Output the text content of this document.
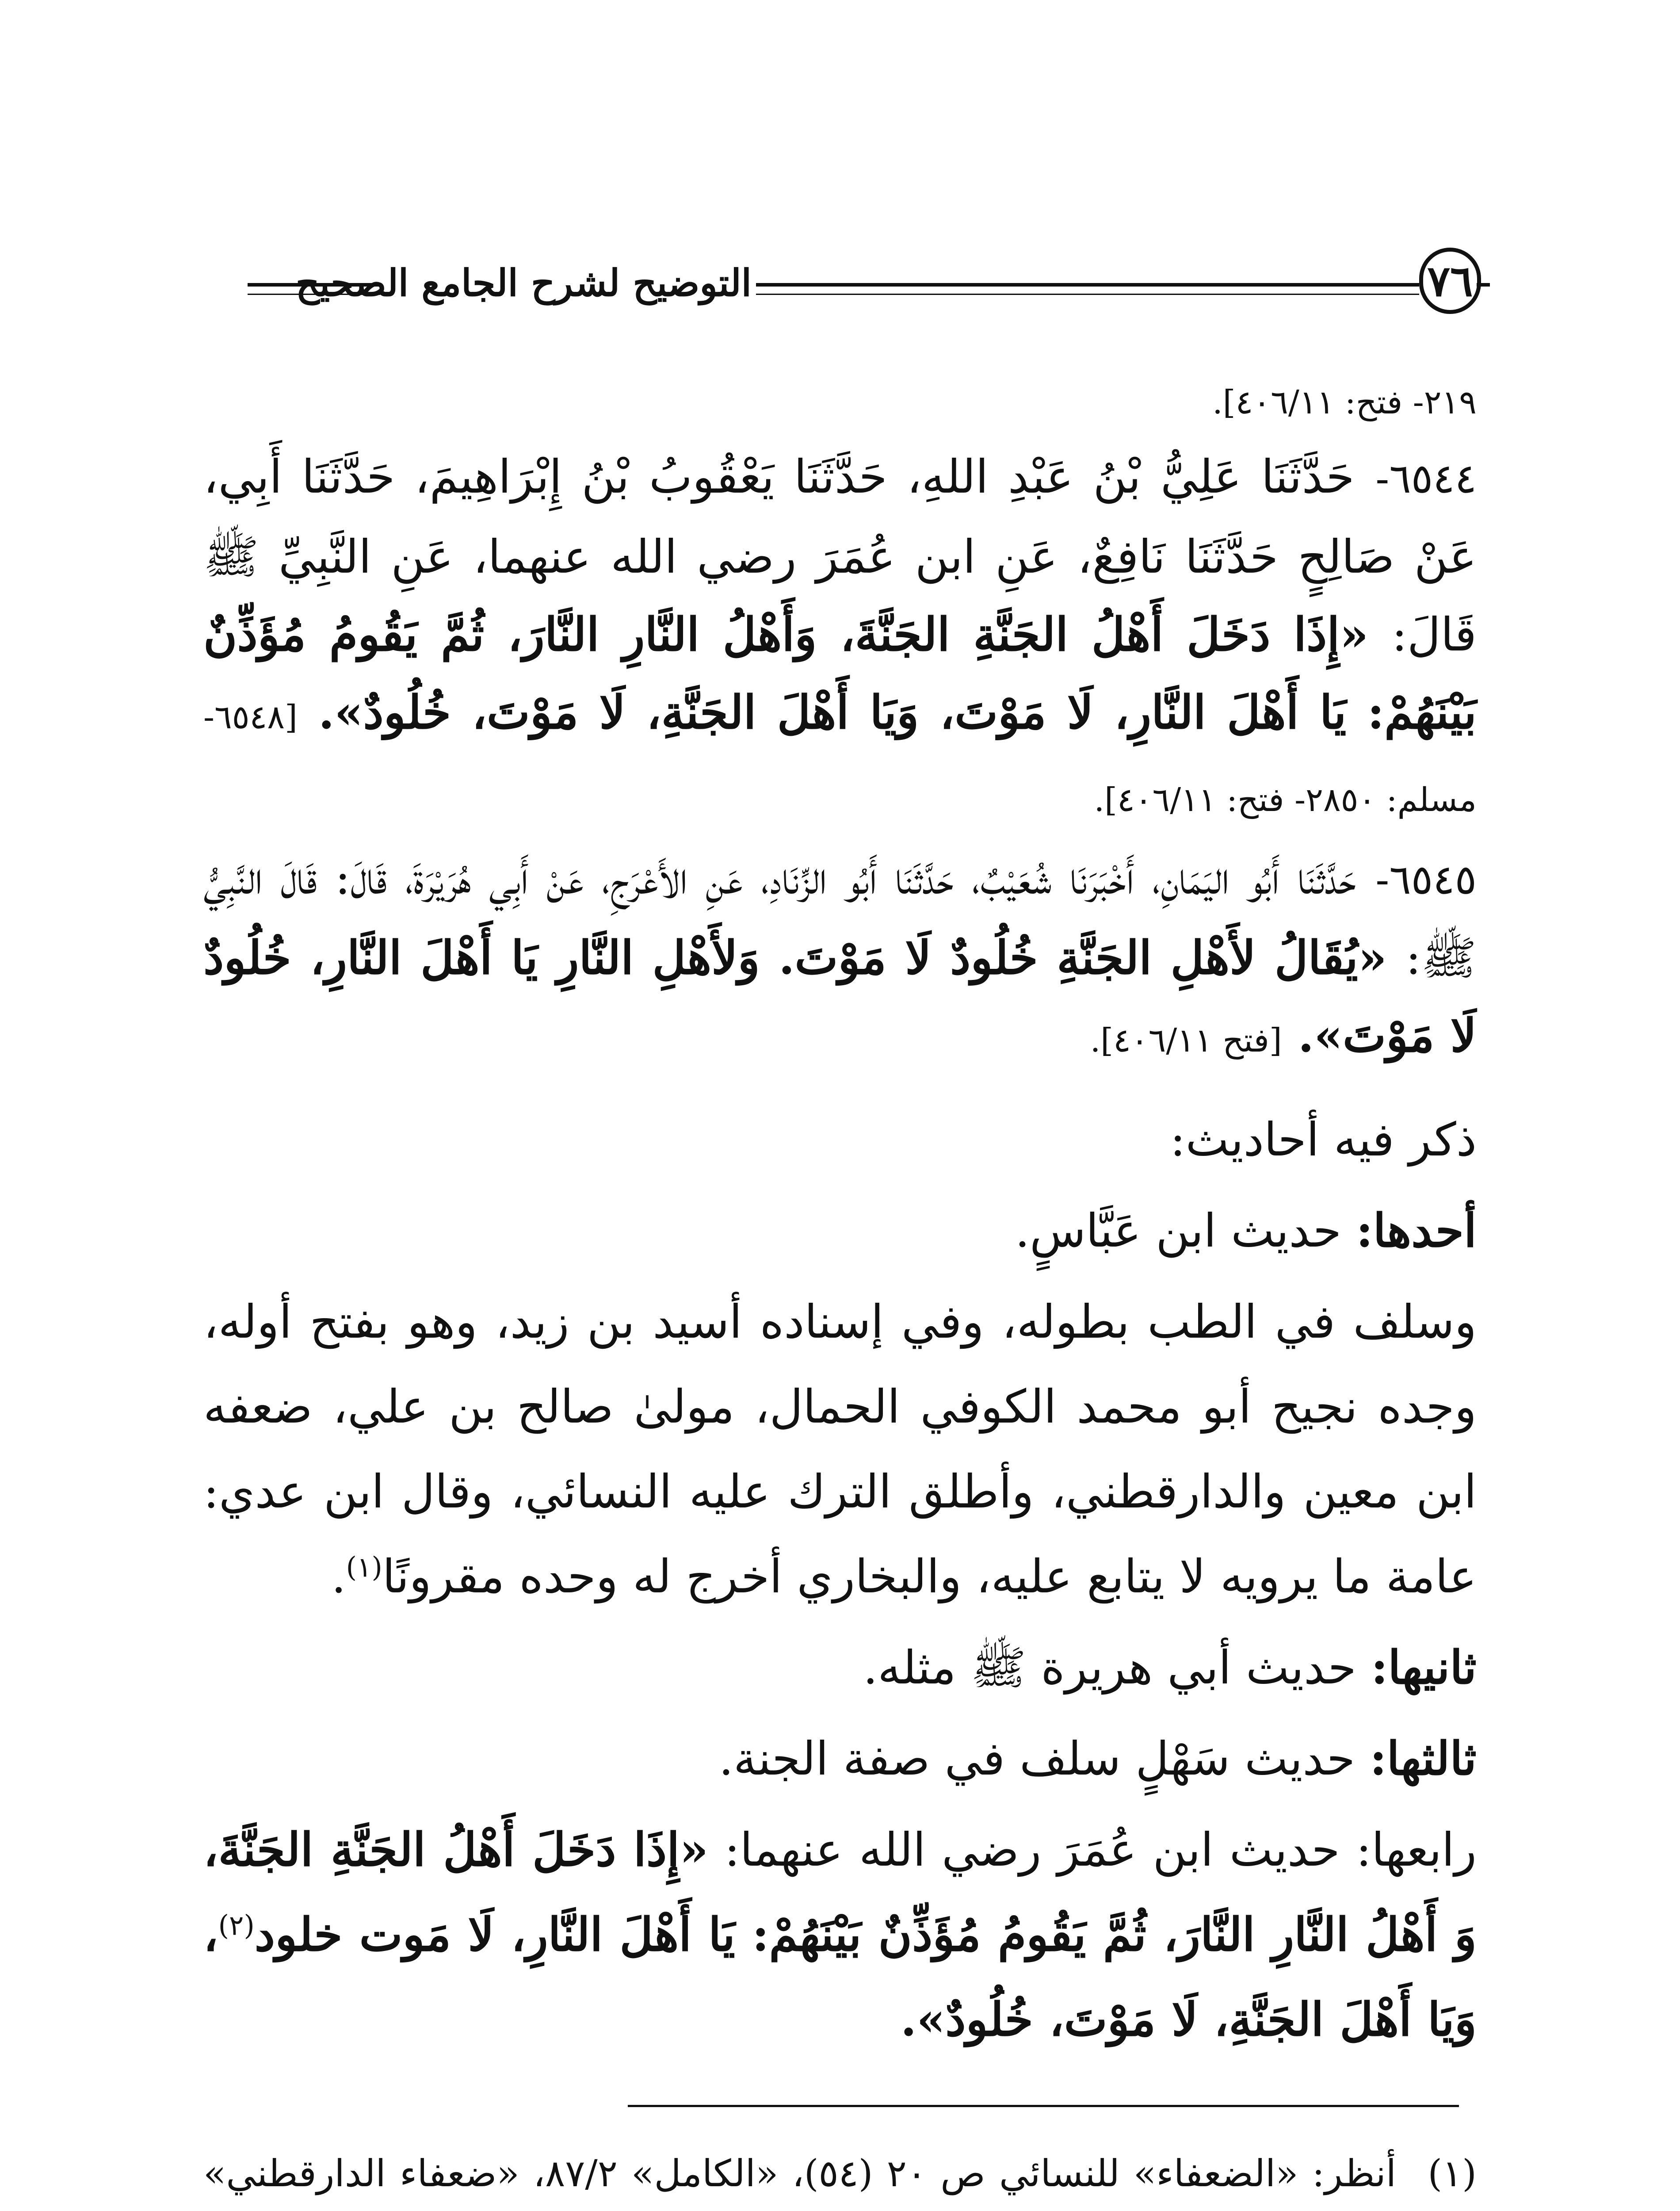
التوضيح لشرح الجامع الصحيح	٧٦
٢١٩- فتح: ٤٠٦/١١].
٦٥٤٤- حَدَّثَنَا عَلِيُّ بْنُ عَبْدِ اللهِ، حَدَّثَنَا يَعْقُوبُ بْنُ إِبْرَاهِيمَ، حَدَّثَنَا أَبِي، عَنْ صَالِحٍ حَدَّثَنَا نَافِعٌ، عَنِ ابن عُمَرَ رضي الله عنهما، عَنِ النَّبِيِّ ﷺ قَالَ: «إِذَا دَخَلَ أَهْلُ الجَنَّةِ الجَنَّةَ، وَأَهْلُ النَّارِ النَّارَ، ثُمَّ يَقُومُ مُؤَذِّنٌ بَيْنَهُمْ: يَا أَهْلَ النَّارِ، لَا مَوْتَ، وَيَا أَهْلَ الجَنَّةِ، لَا مَوْتَ، خُلُودٌ». [٦٥٤٨- مسلم: ٢٨٥٠- فتح: ٤٠٦/١١].
٦٥٤٥- حَدَّثَنَا أَبُو اليَمَانِ، أَخْبَرَنَا شُعَيْبٌ، حَدَّثَنَا أَبُو الزِّنَادِ، عَنِ الأَعْرَجِ، عَنْ أَبِي هُرَيْرَةَ، قَالَ: قَالَ النَّبِيُّ ﷺ: «يُقَالُ لأَهْلِ الجَنَّةِ خُلُودٌ لَا مَوْتَ. وَلأَهْلِ النَّارِ يَا أَهْلَ النَّارِ، خُلُودٌ لَا مَوْتَ». [فتح ٤٠٦/١١].
ذكر فيه أحاديث:
أحدها: حديث ابن عَبَّاسٍ.
وسلف في الطب بطوله، وفي إسناده أسيد بن زيد، وهو بفتح أوله، وجده نجيح أبو محمد الكوفي الحمال، مولىٰ صالح بن علي، ضعفه ابن معين والدارقطني، وأطلق الترك عليه النسائي، وقال ابن عدي: عامة ما يرويه لا يتابع عليه، والبخاري أخرج له وحده مقرونًا$^{(١)}$.
ثانيها: حديث أبي هريرة ﷺ مثله.
ثالثها: حديث سَهْلٍ سلف في صفة الجنة.
رابعها: حديث ابن عُمَرَ رضي الله عنهما: «إِذَا دَخَلَ أَهْلُ الجَنَّةِ الجَنَّةَ، وَ أَهْلُ النَّارِ النَّارَ، ثُمَّ يَقُومُ مُؤَذِّنٌ بَيْنَهُمْ: يَا أَهْلَ النَّارِ، لَا مَوت خلود$^{(٢)}$، وَيَا أَهْلَ الجَنَّةِ، لَا مَوْتَ، خُلُودٌ».
(١) أنظر: «الضعفاء» للنسائي ص ٢٠ (٥٤)، «الكامل» ٨٧/٢، «ضعفاء الدارقطني»
